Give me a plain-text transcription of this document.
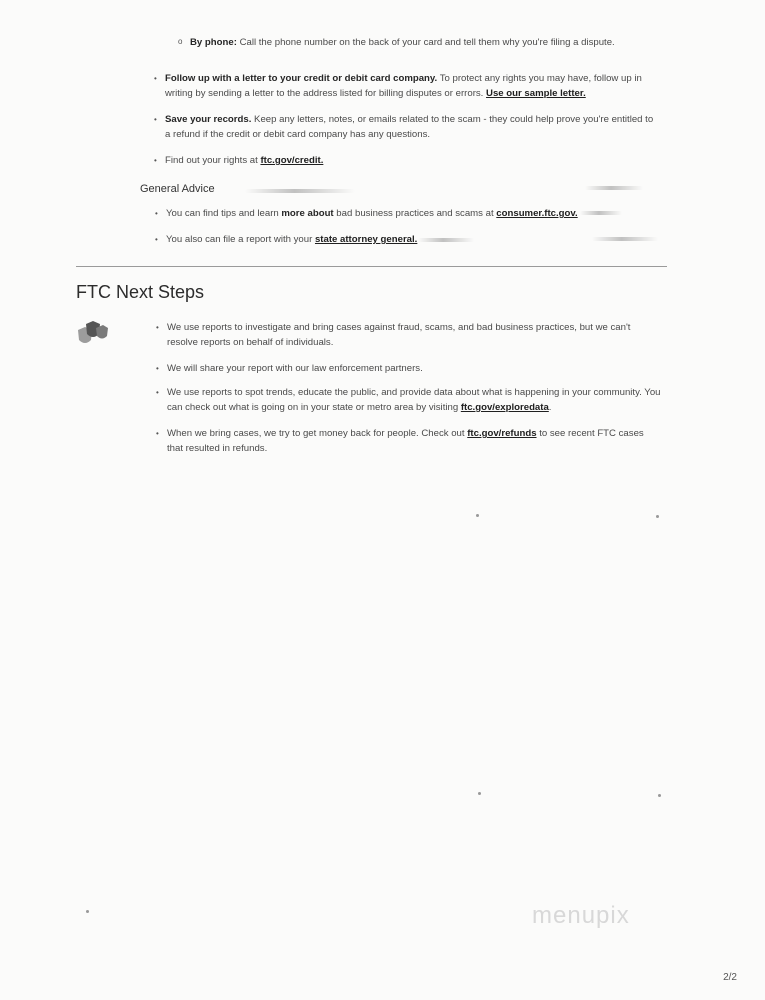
o By phone: Call the phone number on the back of your card and tell them why you're filing a dispute.
• Follow up with a letter to your credit or debit card company. To protect any rights you may have, follow up in writing by sending a letter to the address listed for billing disputes or errors. Use our sample letter.
• Save your records. Keep any letters, notes, or emails related to the scam - they could help prove you're entitled to a refund if the credit or debit card company has any questions.
• Find out your rights at ftc.gov/credit.
General Advice
• You can find tips and learn more about bad business practices and scams at consumer.ftc.gov.
• You also can file a report with your state attorney general.
FTC Next Steps
• We use reports to investigate and bring cases against fraud, scams, and bad business practices, but we can't resolve reports on behalf of individuals.
• We will share your report with our law enforcement partners.
• We use reports to spot trends, educate the public, and provide data about what is happening in your community. You can check out what is going on in your state or metro area by visiting ftc.gov/exploredata.
• When we bring cases, we try to get money back for people. Check out ftc.gov/refunds to see recent FTC cases that resulted in refunds.
menupix
2/2
